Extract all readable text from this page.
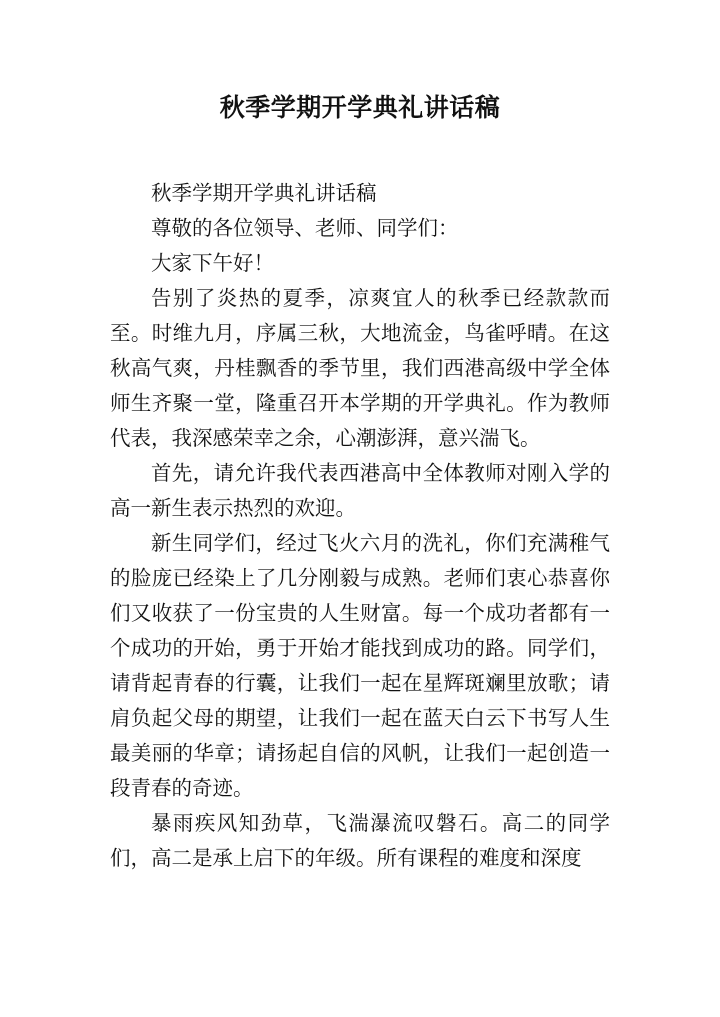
秋季学期开学典礼讲话稿

秋季学期开学典礼讲话稿

尊敬的各位领导、老师、同学们：

大家下午好！

告别了炎热的夏季，凉爽宜人的秋季已经款款而至。时维九月，序属三秋，大地流金，鸟雀呼晴。在这秋高气爽，丹桂飘香的季节里，我们西港高级中学全体师生齐聚一堂，隆重召开本学期的开学典礼。作为教师代表，我深感荣幸之余，心潮澎湃，意兴湍飞。

首先，请允许我代表西港高中全体教师对刚入学的高一新生表示热烈的欢迎。

新生同学们，经过飞火六月的洗礼，你们充满稚气的脸庞已经染上了几分刚毅与成熟。老师们衷心恭喜你们又收获了一份宝贵的人生财富。每一个成功者都有一个成功的开始，勇于开始才能找到成功的路。同学们，请背起青春的行囊，让我们一起在星辉斑斓里放歌；请肩负起父母的期望，让我们一起在蓝天白云下书写人生最美丽的华章；请扬起自信的风帆，让我们一起创造一段青春的奇迹。

暴雨疾风知劲草，飞湍瀑流叹磐石。高二的同学们，高二是承上启下的年级。所有课程的难度和深度
